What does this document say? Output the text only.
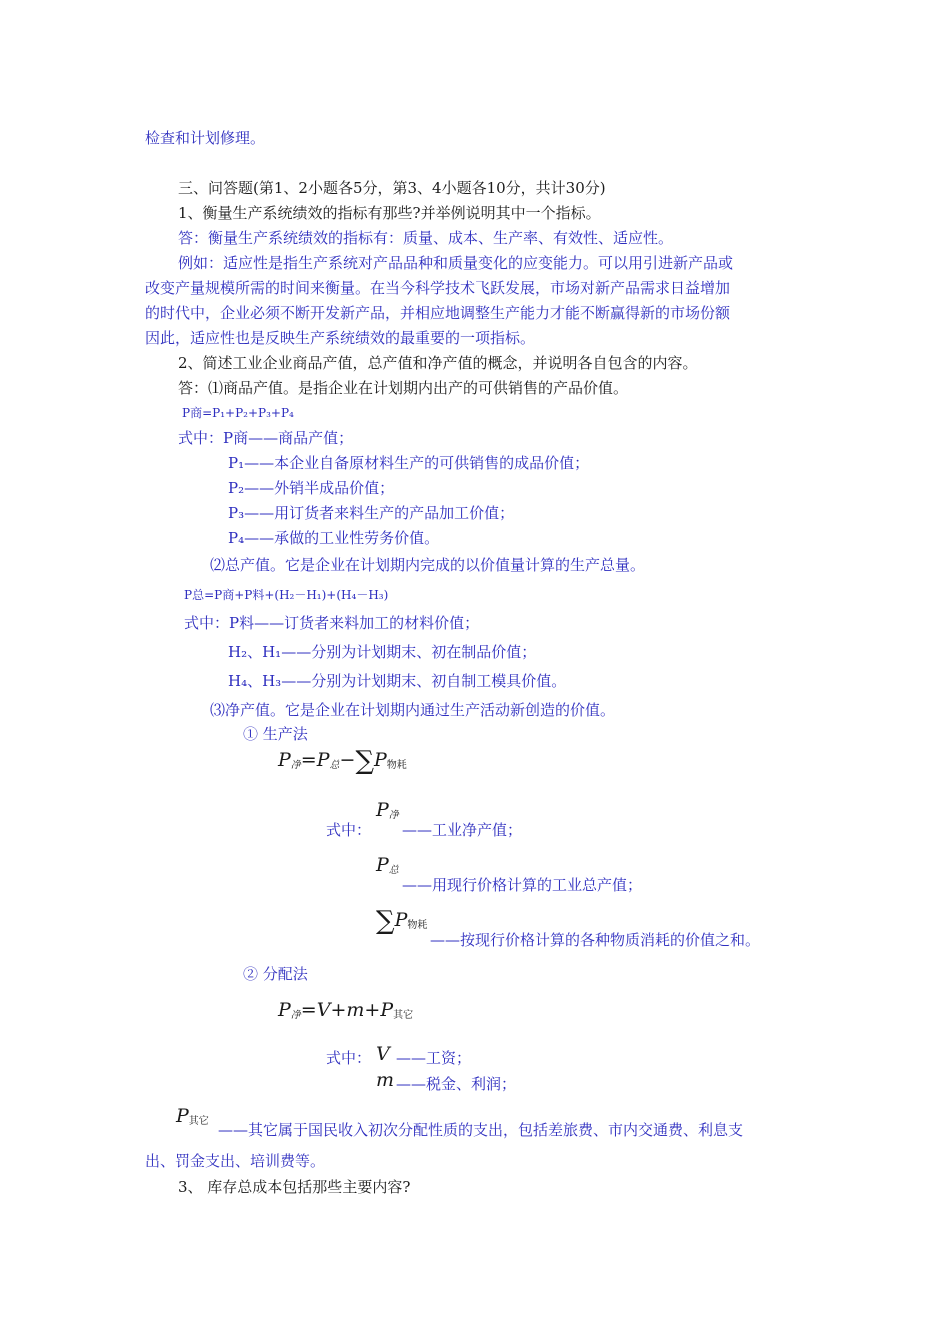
检查和计划修理。
三、问答题(第1、2小题各5分，第3、4小题各10分，共计30分)
1、衡量生产系统绩效的指标有那些?并举例说明其中一个指标。
答：衡量生产系统绩效的指标有：质量、成本、生产率、有效性、适应性。
例如：适应性是指生产系统对产品品种和质量变化的应变能力。可以用引进新产品或
改变产量规模所需的时间来衡量。在当今科学技术飞跃发展，市场对新产品需求日益增加
的时代中，企业必须不断开发新产品，并相应地调整生产能力才能不断赢得新的市场份额
因此，适应性也是反映生产系统绩效的最重要的一项指标。
2、简述工业企业商品产值，总产值和净产值的概念，并说明各自包含的内容。
答：⑴商品产值。是指企业在计划期内出产的可供销售的产品价值。
P商=P₁+P₂+P₃+P₄
式中：P商——商品产值；
P₁——本企业自备原材料生产的可供销售的成品价值；
P₂——外销半成品价值；
P₃——用订货者来料生产的产品加工价值；
P₄——承做的工业性劳务价值。
⑵总产值。它是企业在计划期内完成的以价值量计算的生产总量。
P总=P商+P料+(H₂－H₁)+(H₄－H₃)
式中：P料——订货者来料加工的材料价值；
H₂、H₁——分别为计划期末、初在制品价值；
H₄、H₃——分别为计划期末、初自制工模具价值。
⑶净产值。它是企业在计划期内通过生产活动新创造的价值。
① 生产法
$P_净=P_总-\sum P_{物耗}$
式中：
$P_净$
——工业净产值；
$P_总$
——用现行价格计算的工业总产值；
$\sum P_{物耗}$
——按现行价格计算的各种物质消耗的价值之和。
② 分配法
$P_净=V+m+P_{其它}$
式中： V ——工资；
m ——税金、利润；
$P_{其它}$ ——其它属于国民收入初次分配性质的支出，包括差旅费、市内交通费、利息支
出、罚金支出、培训费等。
3、 库存总成本包括那些主要内容?
